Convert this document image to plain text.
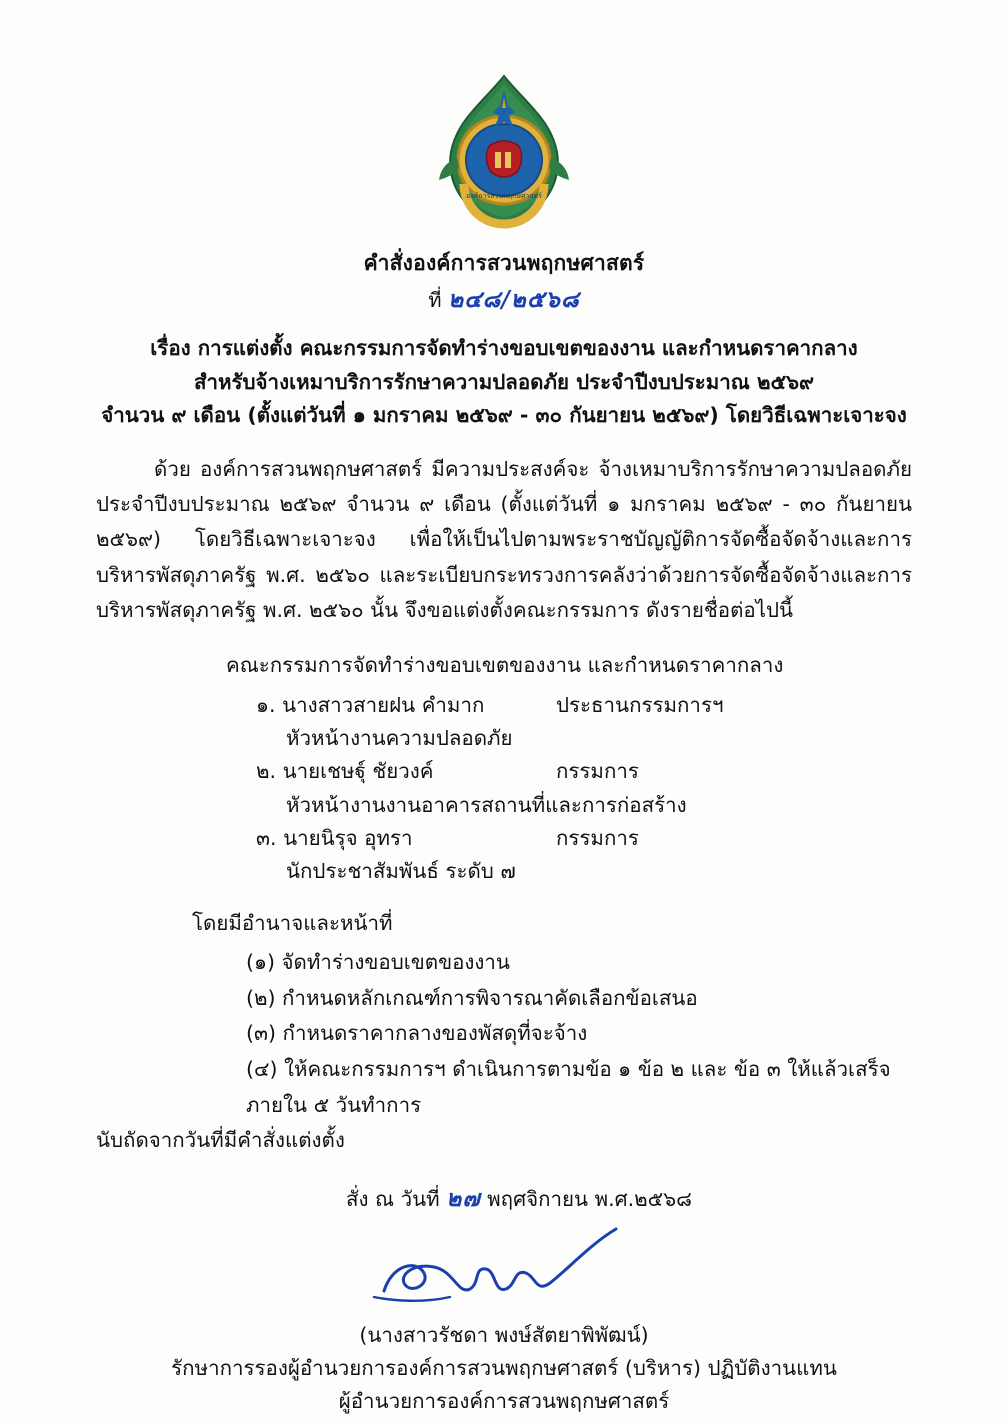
องค์การสวนพฤกษศาสตร์
คำสั่งองค์การสวนพฤกษศาสตร์
ที่ ๒๔๘/๒๕๖๘
เรื่อง การแต่งตั้ง คณะกรรมการจัดทำร่างขอบเขตของงาน และกำหนดราคากลาง
สำหรับจ้างเหมาบริการรักษาความปลอดภัย ประจำปีงบประมาณ ๒๕๖๙
จำนวน ๙ เดือน (ตั้งแต่วันที่ ๑ มกราคม ๒๕๖๙ - ๓๐ กันยายน ๒๕๖๙) โดยวิธีเฉพาะเจาะจง
ด้วย องค์การสวนพฤกษศาสตร์ มีความประสงค์จะ จ้างเหมาบริการรักษาความปลอดภัย ประจำปีงบประมาณ ๒๕๖๙ จำนวน ๙ เดือน (ตั้งแต่วันที่ ๑ มกราคม ๒๕๖๙ - ๓๐ กันยายน ๒๕๖๙) โดยวิธีเฉพาะเจาะจง เพื่อให้เป็นไปตามพระราชบัญญัติการจัดซื้อจัดจ้างและการบริหารพัสดุภาครัฐ พ.ศ. ๒๕๖๐ และระเบียบกระทรวงการคลังว่าด้วยการจัดซื้อจัดจ้างและการบริหารพัสดุภาครัฐ พ.ศ. ๒๕๖๐ นั้น จึงขอแต่งตั้งคณะกรรมการ ดังรายชื่อต่อไปนี้
คณะกรรมการจัดทำร่างขอบเขตของงาน และกำหนดราคากลาง
๑. นางสาวสายฝน คำมาก	ประธานกรรมการฯ
หัวหน้างานความปลอดภัย
๒. นายเชษฐุ์ ชัยวงค์	กรรมการ
หัวหน้างานงานอาคารสถานที่และการก่อสร้าง
๓. นายนิรุจ อุทรา	กรรมการ
นักประชาสัมพันธ์ ระดับ ๗
โดยมีอำนาจและหน้าที่
(๑) จัดทำร่างขอบเขตของงาน
(๒) กำหนดหลักเกณฑ์การพิจารณาคัดเลือกข้อเสนอ
(๓) กำหนดราคากลางของพัสดุที่จะจ้าง
(๔) ให้คณะกรรมการฯ ดำเนินการตามข้อ ๑ ข้อ ๒ และ ข้อ ๓ ให้แล้วเสร็จภายใน ๕ วันทำการ
นับถัดจากวันที่มีคำสั่งแต่งตั้ง
สั่ง ณ วันที่ ๒๗ พฤศจิกายน พ.ศ.๒๕๖๘
(นางสาวรัชดา พงษ์สัตยาพิพัฒน์)
รักษาการรองผู้อำนวยการองค์การสวนพฤกษศาสตร์ (บริหาร) ปฏิบัติงานแทน
ผู้อำนวยการองค์การสวนพฤกษศาสตร์
